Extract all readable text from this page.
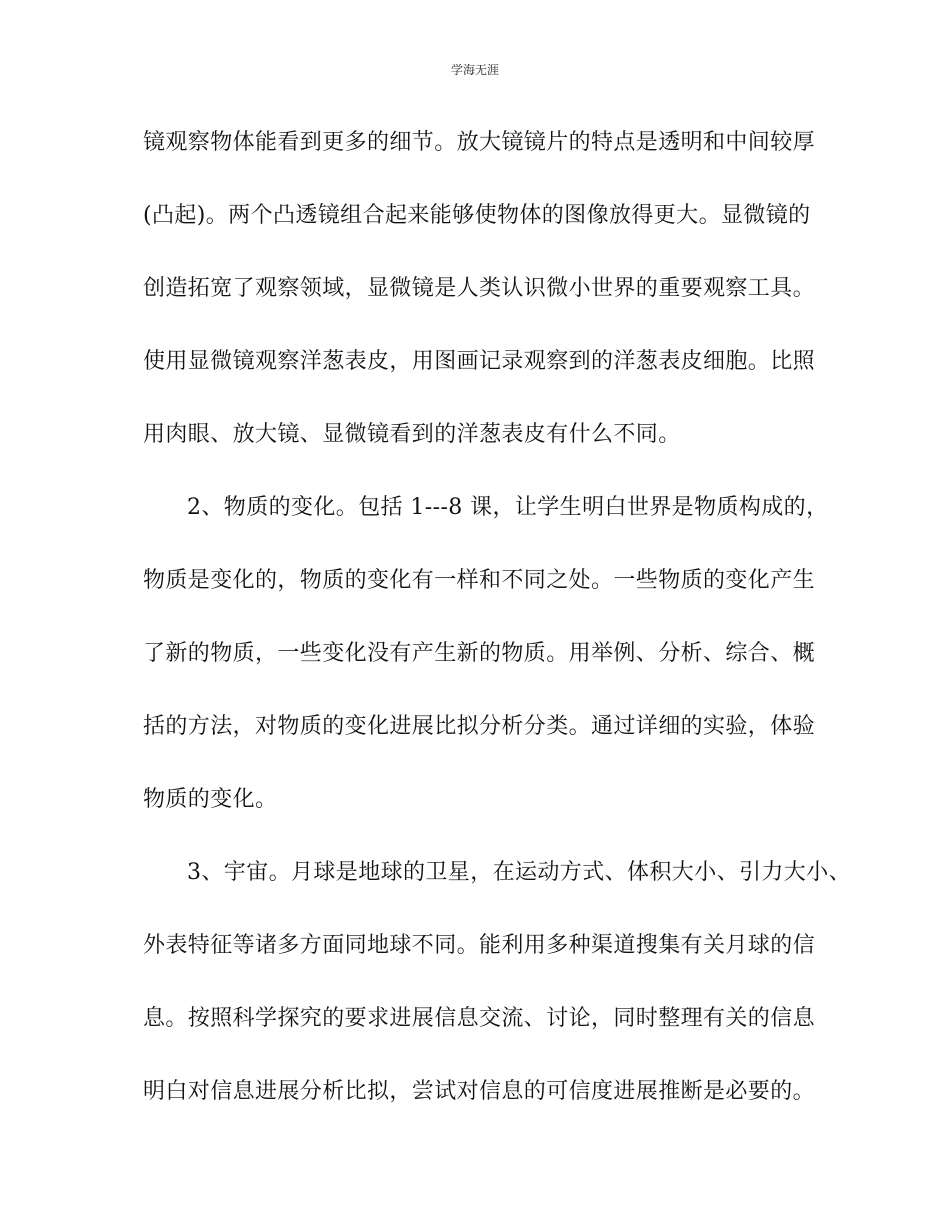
学海无涯
镜观察物体能看到更多的细节。放大镜镜片的特点是透明和中间较厚
(凸起)。两个凸透镜组合起来能够使物体的图像放得更大。显微镜的
创造拓宽了观察领域，显微镜是人类认识微小世界的重要观察工具。
使用显微镜观察洋葱表皮，用图画记录观察到的洋葱表皮细胞。比照
用肉眼、放大镜、显微镜看到的洋葱表皮有什么不同。
2、物质的变化。包括 1---8 课，让学生明白世界是物质构成的，
物质是变化的，物质的变化有一样和不同之处。一些物质的变化产生
了新的物质，一些变化没有产生新的物质。用举例、分析、综合、概
括的方法，对物质的变化进展比拟分析分类。通过详细的实验，体验
物质的变化。
3、宇宙。月球是地球的卫星，在运动方式、体积大小、引力大小、
外表特征等诸多方面同地球不同。能利用多种渠道搜集有关月球的信
息。按照科学探究的要求进展信息交流、讨论，同时整理有关的信息
明白对信息进展分析比拟，尝试对信息的可信度进展推断是必要的。
